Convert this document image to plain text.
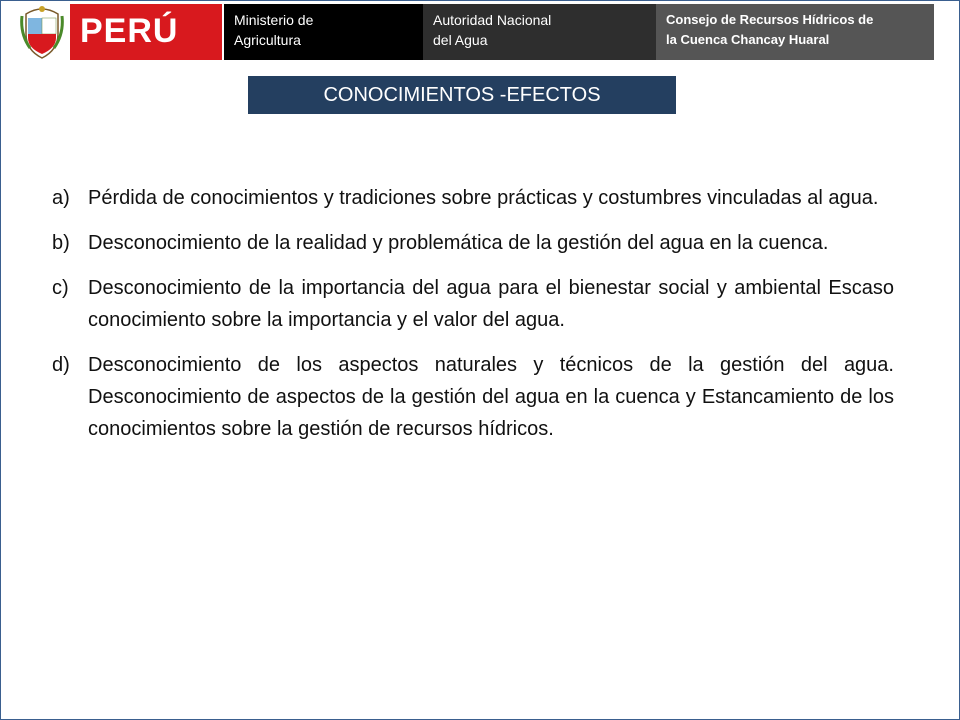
PERÚ	Ministerio de
Agricultura
Autoridad Nacional
del Agua
Consejo de Recursos Hídricos de
la Cuenca Chancay Huaral
CONOCIMIENTOS -EFECTOS
a) Pérdida de conocimientos y tradiciones sobre prácticas y costumbres vinculadas al agua.
b) Desconocimiento de la realidad y problemática de la gestión del agua en la cuenca.
c) Desconocimiento de la importancia del agua para el bienestar social y ambiental Escaso conocimiento sobre la importancia y el valor del agua.
d) Desconocimiento de los aspectos naturales y técnicos de la gestión del agua. Desconocimiento de aspectos de la gestión del agua en la cuenca y Estancamiento de los conocimientos sobre la gestión de recursos hídricos.
